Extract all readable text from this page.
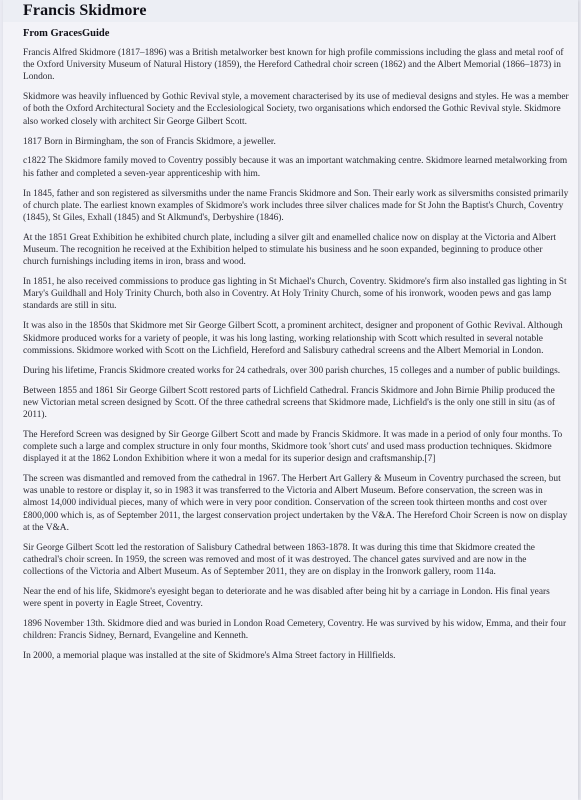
Francis Skidmore
From GracesGuide

Francis Alfred Skidmore (1817–1896) was a British metalworker best known for high profile commissions including the glass and metal roof of the Oxford University Museum of Natural History (1859), the Hereford Cathedral choir screen (1862) and the Albert Memorial (1866–1873) in London.

Skidmore was heavily influenced by Gothic Revival style, a movement characterised by its use of medieval designs and styles. He was a member of both the Oxford Architectural Society and the Ecclesiological Society, two organisations which endorsed the Gothic Revival style. Skidmore also worked closely with architect Sir George Gilbert Scott.

1817 Born in Birmingham, the son of Francis Skidmore, a jeweller.

c1822 The Skidmore family moved to Coventry possibly because it was an important watchmaking centre. Skidmore learned metalworking from his father and completed a seven-year apprenticeship with him.

In 1845, father and son registered as silversmiths under the name Francis Skidmore and Son. Their early work as silversmiths consisted primarily of church plate. The earliest known examples of Skidmore's work includes three silver chalices made for St John the Baptist's Church, Coventry (1845), St Giles, Exhall (1845) and St Alkmund's, Derbyshire (1846).

At the 1851 Great Exhibition he exhibited church plate, including a silver gilt and enamelled chalice now on display at the Victoria and Albert Museum. The recognition he received at the Exhibition helped to stimulate his business and he soon expanded, beginning to produce other church furnishings including items in iron, brass and wood.

In 1851, he also received commissions to produce gas lighting in St Michael's Church, Coventry. Skidmore's firm also installed gas lighting in St Mary's Guildhall and Holy Trinity Church, both also in Coventry. At Holy Trinity Church, some of his ironwork, wooden pews and gas lamp standards are still in situ.

It was also in the 1850s that Skidmore met Sir George Gilbert Scott, a prominent architect, designer and proponent of Gothic Revival. Although Skidmore produced works for a variety of people, it was his long lasting, working relationship with Scott which resulted in several notable commissions. Skidmore worked with Scott on the Lichfield, Hereford and Salisbury cathedral screens and the Albert Memorial in London.

During his lifetime, Francis Skidmore created works for 24 cathedrals, over 300 parish churches, 15 colleges and a number of public buildings.

Between 1855 and 1861 Sir George Gilbert Scott restored parts of Lichfield Cathedral. Francis Skidmore and John Birnie Philip produced the new Victorian metal screen designed by Scott. Of the three cathedral screens that Skidmore made, Lichfield's is the only one still in situ (as of 2011).

The Hereford Screen was designed by Sir George Gilbert Scott and made by Francis Skidmore. It was made in a period of only four months. To complete such a large and complex structure in only four months, Skidmore took 'short cuts' and used mass production techniques. Skidmore displayed it at the 1862 London Exhibition where it won a medal for its superior design and craftsmanship.[7]

The screen was dismantled and removed from the cathedral in 1967. The Herbert Art Gallery & Museum in Coventry purchased the screen, but was unable to restore or display it, so in 1983 it was transferred to the Victoria and Albert Museum. Before conservation, the screen was in almost 14,000 individual pieces, many of which were in very poor condition. Conservation of the screen took thirteen months and cost over £800,000 which is, as of September 2011, the largest conservation project undertaken by the V&A. The Hereford Choir Screen is now on display at the V&A.

Sir George Gilbert Scott led the restoration of Salisbury Cathedral between 1863-1878. It was during this time that Skidmore created the cathedral's choir screen. In 1959, the screen was removed and most of it was destroyed. The chancel gates survived and are now in the collections of the Victoria and Albert Museum. As of September 2011, they are on display in the Ironwork gallery, room 114a.

Near the end of his life, Skidmore's eyesight began to deteriorate and he was disabled after being hit by a carriage in London. His final years were spent in poverty in Eagle Street, Coventry.

1896 November 13th. Skidmore died and was buried in London Road Cemetery, Coventry. He was survived by his widow, Emma, and their four children: Francis Sidney, Bernard, Evangeline and Kenneth.

In 2000, a memorial plaque was installed at the site of Skidmore's Alma Street factory in Hillfields.
